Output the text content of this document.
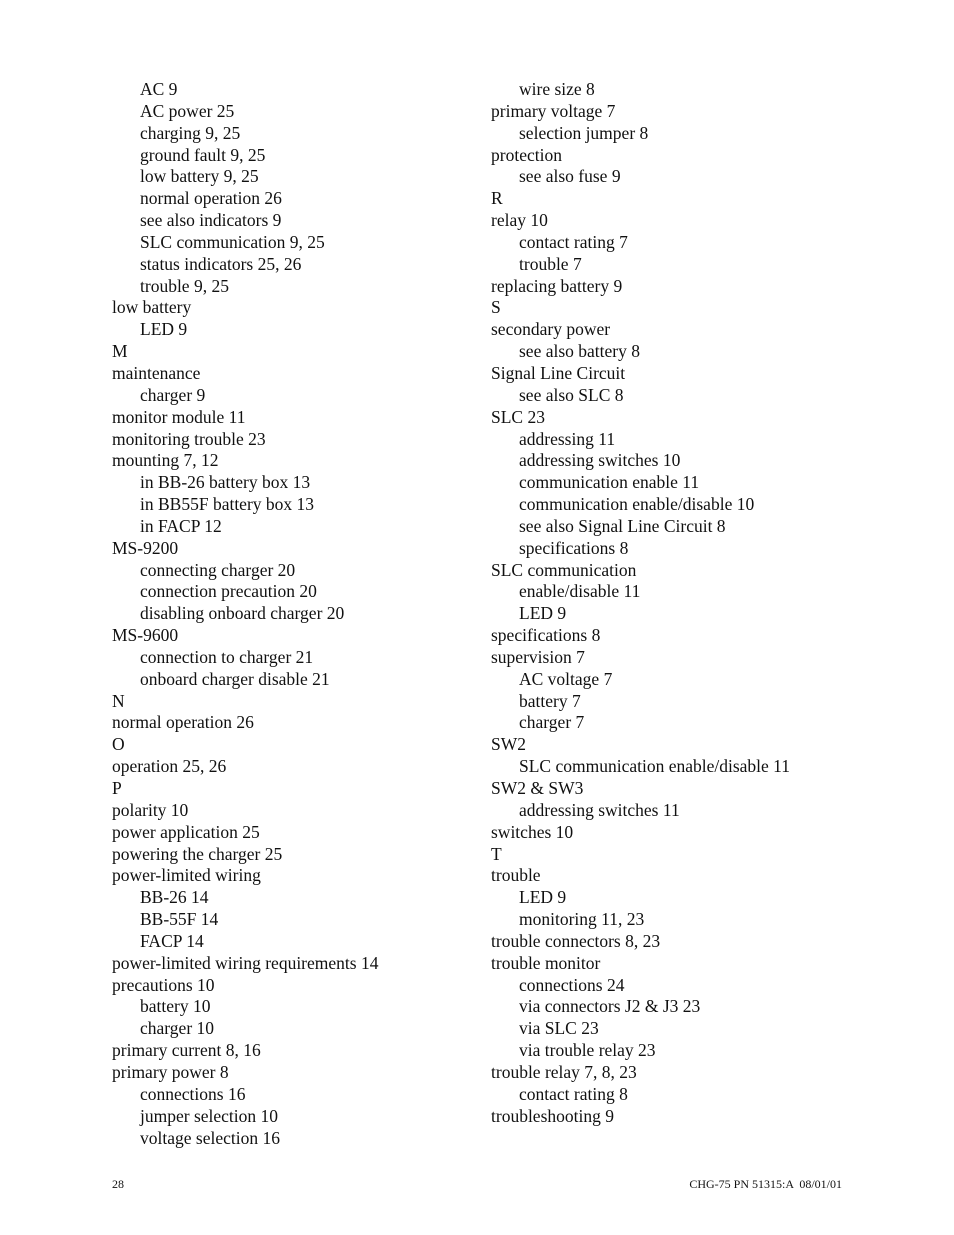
AC 9
AC power 25
charging 9, 25
ground fault 9, 25
low battery 9, 25
normal operation 26
see also indicators 9
SLC communication 9, 25
status indicators 25, 26
trouble 9, 25
low battery
LED 9
M
maintenance
charger 9
monitor module 11
monitoring trouble 23
mounting 7, 12
in BB-26 battery box 13
in BB55F battery box 13
in FACP 12
MS-9200
connecting charger 20
connection precaution 20
disabling onboard charger 20
MS-9600
connection to charger 21
onboard charger disable 21
N
normal operation 26
O
operation 25, 26
P
polarity 10
power application 25
powering the charger 25
power-limited wiring
BB-26 14
BB-55F 14
FACP 14
power-limited wiring requirements 14
precautions 10
battery 10
charger 10
primary current 8, 16
primary power 8
connections 16
jumper selection 10
voltage selection 16
wire size 8
primary voltage 7
selection jumper 8
protection
see also fuse 9
R
relay 10
contact rating 7
trouble 7
replacing battery 9
S
secondary power
see also battery 8
Signal Line Circuit
see also SLC 8
SLC 23
addressing 11
addressing switches 10
communication enable 11
communication enable/disable 10
see also Signal Line Circuit 8
specifications 8
SLC communication
enable/disable 11
LED 9
specifications 8
supervision 7
AC voltage 7
battery 7
charger 7
SW2
SLC communication enable/disable 11
SW2 & SW3
addressing switches 11
switches 10
T
trouble
LED 9
monitoring 11, 23
trouble connectors 8, 23
trouble monitor
connections 24
via connectors J2 & J3 23
via SLC 23
via trouble relay 23
trouble relay 7, 8, 23
contact rating 8
troubleshooting 9
28	CHG-75 PN 51315:A  08/01/01
